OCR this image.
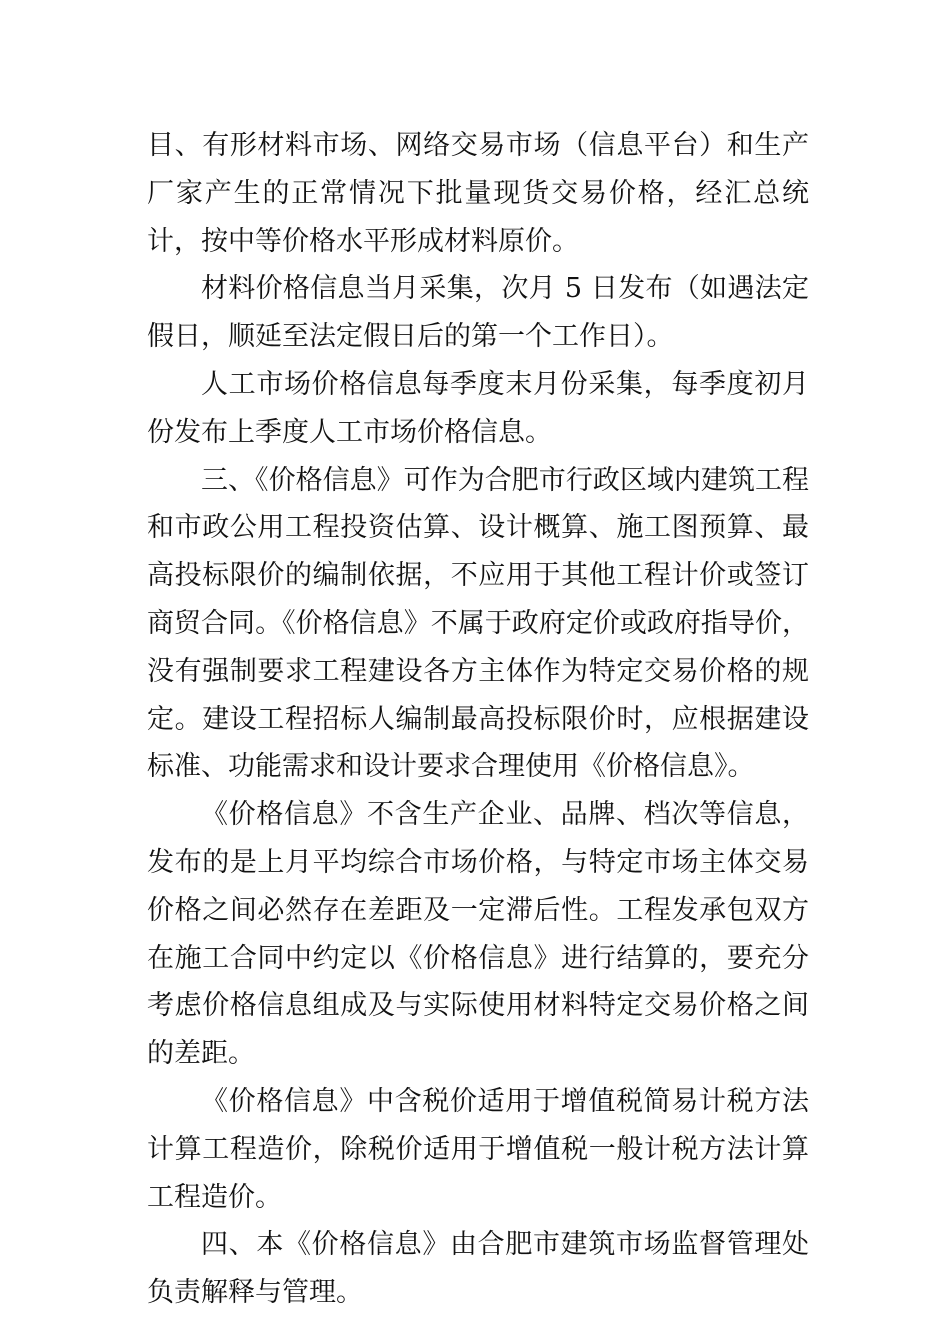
目、有形材料市场、网络交易市场（信息平台）和生产厂家产生的正常情况下批量现货交易价格，经汇总统计，按中等价格水平形成材料原价。

材料价格信息当月采集，次月 5 日发布（如遇法定假日，顺延至法定假日后的第一个工作日）。

人工市场价格信息每季度末月份采集，每季度初月份发布上季度人工市场价格信息。

三、《价格信息》可作为合肥市行政区域内建筑工程和市政公用工程投资估算、设计概算、施工图预算、最高投标限价的编制依据，不应用于其他工程计价或签订商贸合同。《价格信息》不属于政府定价或政府指导价，没有强制要求工程建设各方主体作为特定交易价格的规定。建设工程招标人编制最高投标限价时，应根据建设标准、功能需求和设计要求合理使用《价格信息》。

《价格信息》不含生产企业、品牌、档次等信息，发布的是上月平均综合市场价格，与特定市场主体交易价格之间必然存在差距及一定滞后性。工程发承包双方在施工合同中约定以《价格信息》进行结算的，要充分考虑价格信息组成及与实际使用材料特定交易价格之间的差距。

《价格信息》中含税价适用于增值税简易计税方法计算工程造价，除税价适用于增值税一般计税方法计算工程造价。

四、本《价格信息》由合肥市建筑市场监督管理处负责解释与管理。
